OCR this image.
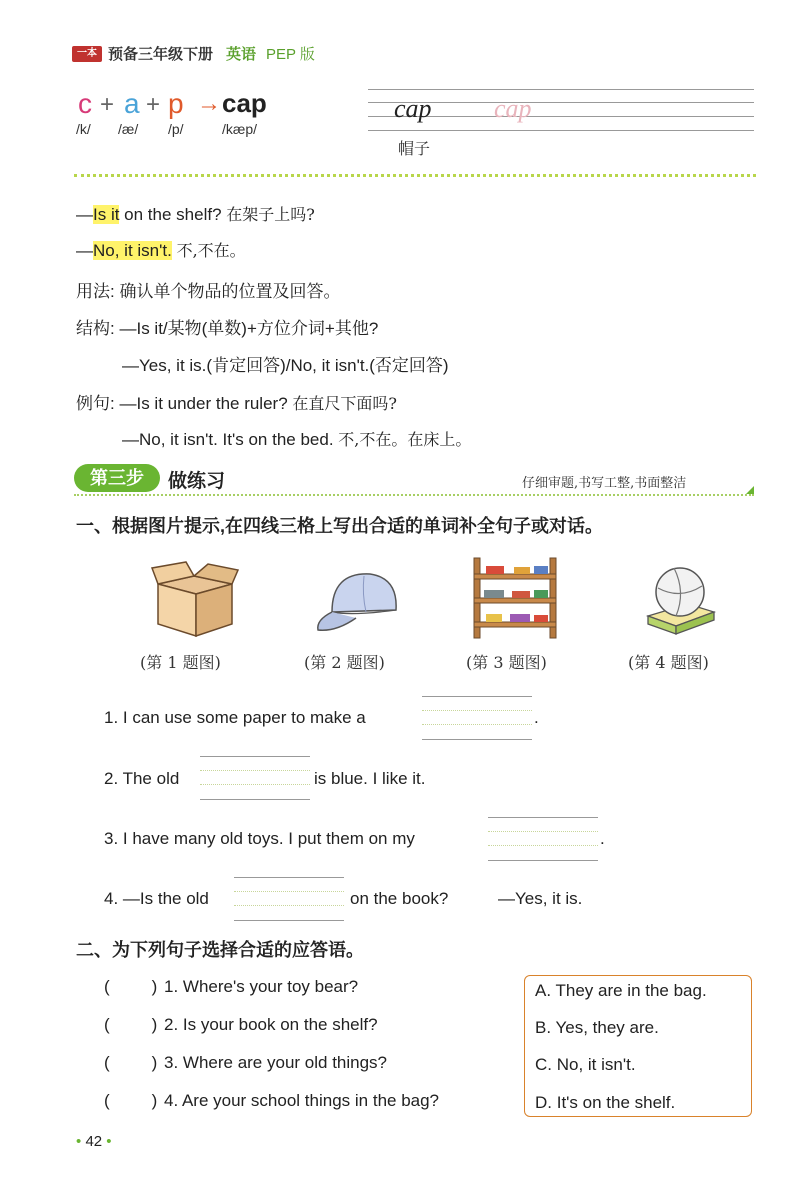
一本 预备三年级下册 英语 PEP 版
c + a + p → cap
/k/ /æ/ /p/	/kæp/
cap cap
帽子
—Is it on the shelf? 在架子上吗?
—No, it isn't. 不,不在。
用法: 确认单个物品的位置及回答。
结构: —Is it/某物(单数)+方位介词+其他?
—Yes, it is.(肯定回答)/No, it isn't.(否定回答)
例句: —Is it under the ruler? 在直尺下面吗?
—No, it isn't. It's on the bed. 不,不在。在床上。
第三步	做练习	仔细审题,书写工整,书面整洁
一、根据图片提示,在四线三格上写出合适的单词补全句子或对话。
(第 1 题图)	(第 2 题图)	(第 3 题图)	(第 4 题图)
1. I can use some paper to make a	.
2. The old	is blue. I like it.
3. I have many old toys. I put them on my	.
4. —Is the old	on the book?	—Yes, it is.
二、为下列句子选择合适的应答语。
( ) 1. Where's your toy bear?
( ) 2. Is your book on the shelf?
( ) 3. Where are your old things?
( ) 4. Are your school things in the bag?
A. They are in the bag.
B. Yes, they are.
C. No, it isn't.
D. It's on the shelf.
• 42 •
